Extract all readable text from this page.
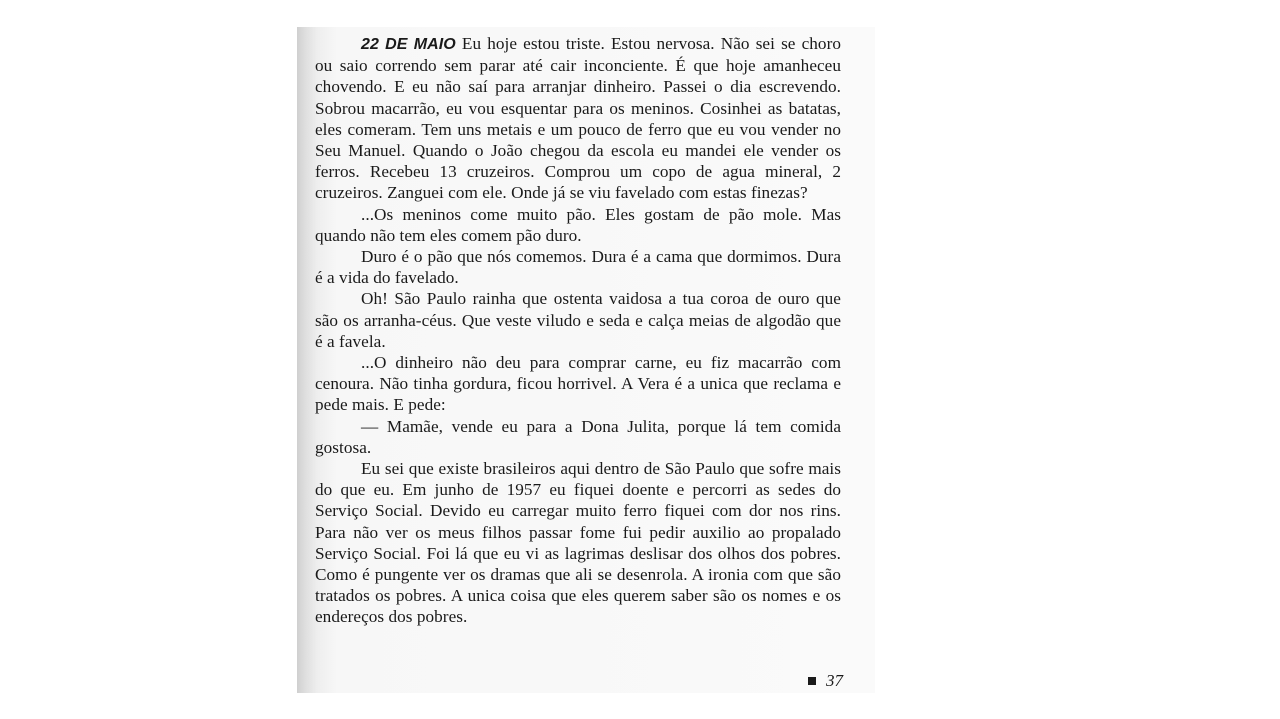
22 DE MAIO Eu hoje estou triste. Estou nervosa. Não sei se choro ou saio correndo sem parar até cair inconciente. É que hoje amanheceu chovendo. E eu não saí para arranjar dinheiro. Passei o dia escrevendo. Sobrou macarrão, eu vou esquentar para os meninos. Cosinhei as batatas, eles comeram. Tem uns metais e um pouco de ferro que eu vou vender no Seu Manuel. Quando o João chegou da escola eu mandei ele vender os ferros. Recebeu 13 cruzeiros. Comprou um copo de agua mineral, 2 cruzeiros. Zanguei com ele. Onde já se viu favelado com estas finezas?

...Os meninos come muito pão. Eles gostam de pão mole. Mas quando não tem eles comem pão duro.

Duro é o pão que nós comemos. Dura é a cama que dormimos. Dura é a vida do favelado.

Oh! São Paulo rainha que ostenta vaidosa a tua coroa de ouro que são os arranha-céus. Que veste viludo e seda e calça meias de algodão que é a favela.

...O dinheiro não deu para comprar carne, eu fiz macarrão com cenoura. Não tinha gordura, ficou horrivel. A Vera é a unica que reclama e pede mais. E pede:

— Mamãe, vende eu para a Dona Julita, porque lá tem comida gostosa.

Eu sei que existe brasileiros aqui dentro de São Paulo que sofre mais do que eu. Em junho de 1957 eu fiquei doente e percorri as sedes do Serviço Social. Devido eu carregar muito ferro fiquei com dor nos rins. Para não ver os meus filhos passar fome fui pedir auxilio ao propalado Serviço Social. Foi lá que eu vi as lagrimas deslisar dos olhos dos pobres. Como é pungente ver os dramas que ali se desenrola. A ironia com que são tratados os pobres. A unica coisa que eles querem saber são os nomes e os endereços dos pobres.

37
